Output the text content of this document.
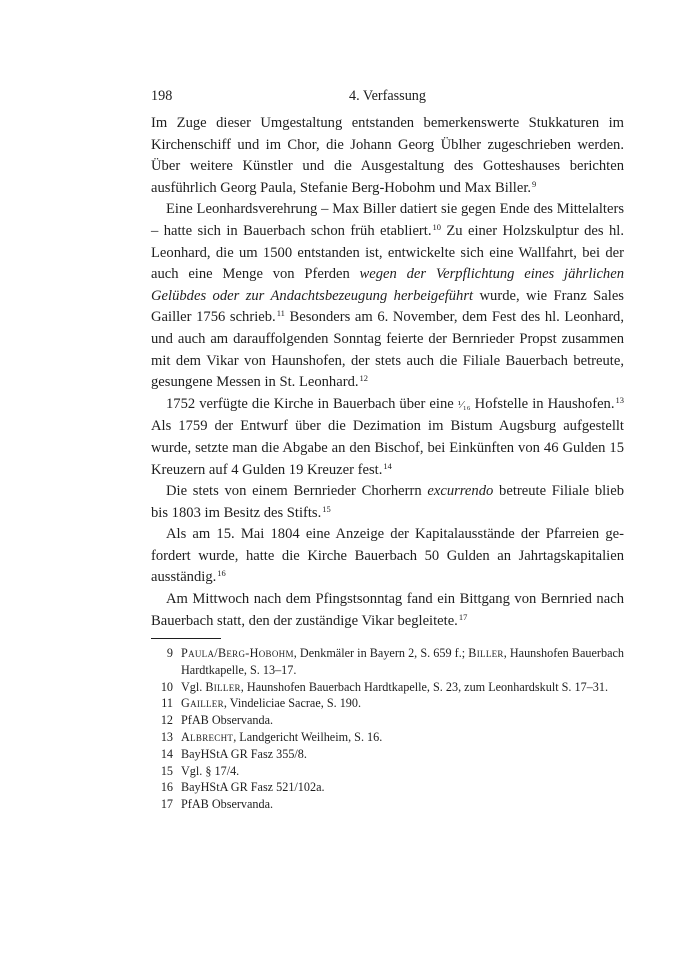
198	4. Verfassung

Im Zuge dieser Umgestaltung entstanden bemerkenswerte Stukkaturen im Kirchenschiff und im Chor, die Johann Georg Üblher zugeschrieben werden. Über weitere Künstler und die Ausgestaltung des Gotteshauses berichten ausführlich Georg Paula, Stefanie Berg-Hobohm und Max Biller.$^9$

Eine Leonhardsverehrung – Max Biller datiert sie gegen Ende des Mittelalters – hatte sich in Bauerbach schon früh etabliert.$^{10}$ Zu einer Holzskulptur des hl. Leonhard, die um 1500 entstanden ist, entwickelte sich eine Wallfahrt, bei der auch eine Menge von Pferden wegen der Verpflichtung eines jährlichen Gelübdes oder zur Andachtsbezeugung herbeigeführt wurde, wie Franz Sales Gailler 1756 schrieb.$^{11}$ Besonders am 6. November, dem Fest des hl. Leonhard, und auch am darauffolgenden Sonntag feierte der Bernrieder Propst zusammen mit dem Vikar von Haunshofen, der stets auch die Filiale Bauerbach betreute, gesungene Messen in St. Leonhard.$^{12}$

1752 verfügte die Kirche in Bauerbach über eine ¹⁄₁₆ Hofstelle in Haushofen.$^{13}$ Als 1759 der Entwurf über die Dezimation im Bistum Augsburg aufgestellt wurde, setzte man die Abgabe an den Bischof, bei Einkünften von 46 Gulden 15 Kreuzern auf 4 Gulden 19 Kreuzer fest.$^{14}$

Die stets von einem Bernrieder Chorherrn excurrendo betreute Filiale blieb bis 1803 im Besitz des Stifts.$^{15}$

Als am 15. Mai 1804 eine Anzeige der Kapitalausstände der Pfarreien gefordert wurde, hatte die Kirche Bauerbach 50 Gulden an Jahrtagskapitalien ausständig.$^{16}$

Am Mittwoch nach dem Pfingstsonntag fand ein Bittgang von Bernried nach Bauerbach statt, den der zuständige Vikar begleitete.$^{17}$

9 Paula/Berg-Hobohm, Denkmäler in Bayern 2, S. 659 f.; Biller, Haunshofen Bauerbach Hardtkapelle, S. 13–17.
10 Vgl. Biller, Haunshofen Bauerbach Hardtkapelle, S. 23, zum Leonhardskult S. 17–31.
11 Gailler, Vindeliciae Sacrae, S. 190.
12 PfAB Observanda.
13 Albrecht, Landgericht Weilheim, S. 16.
14 BayHStA GR Fasz 355/8.
15 Vgl. § 17/4.
16 BayHStA GR Fasz 521/102a.
17 PfAB Observanda.
